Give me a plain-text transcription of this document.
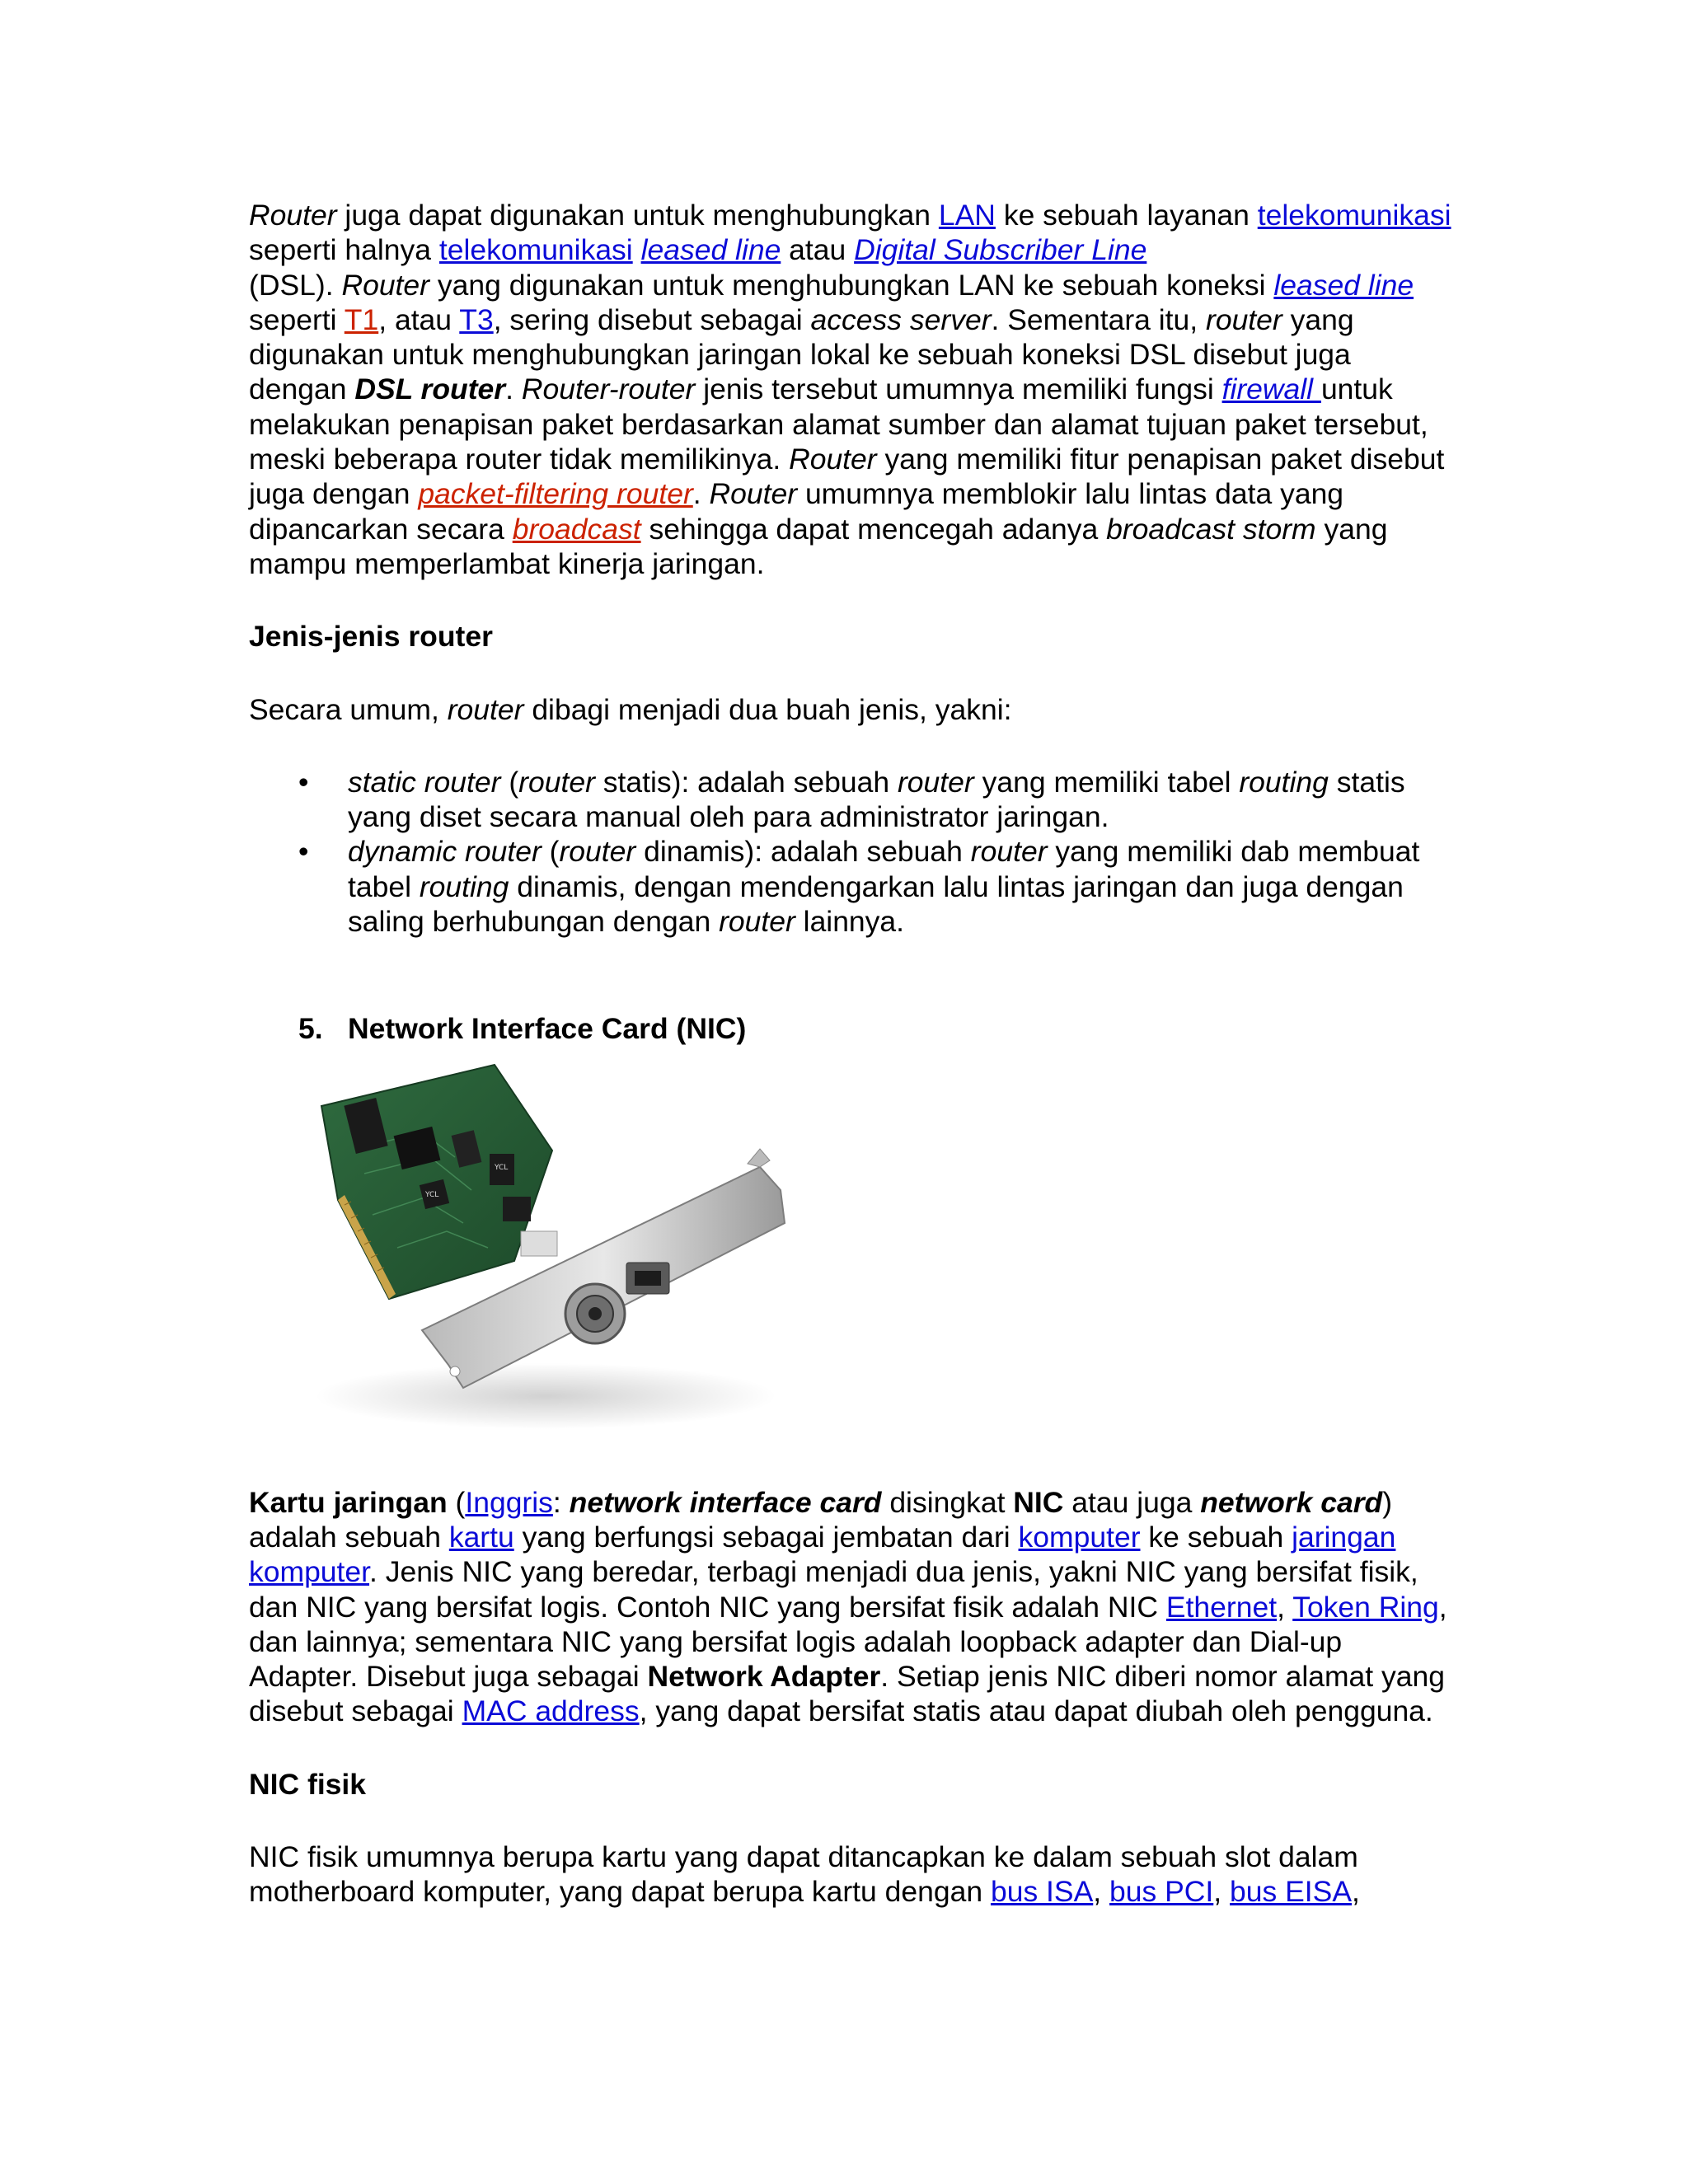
Router juga dapat digunakan untuk menghubungkan LAN ke sebuah layanan telekomunikasi seperti halnya telekomunikasi leased line atau Digital Subscriber Line
(DSL). Router yang digunakan untuk menghubungkan LAN ke sebuah koneksi leased line seperti T1, atau T3, sering disebut sebagai access server. Sementara itu, router yang digunakan untuk menghubungkan jaringan lokal ke sebuah koneksi DSL disebut juga dengan DSL router. Router-router jenis tersebut umumnya memiliki fungsi firewall untuk melakukan penapisan paket berdasarkan alamat sumber dan alamat tujuan paket tersebut, meski beberapa router tidak memilikinya. Router yang memiliki fitur penapisan paket disebut juga dengan packet-filtering router. Router umumnya memblokir lalu lintas data yang dipancarkan secara broadcast sehingga dapat mencegah adanya broadcast storm yang mampu memperlambat kinerja jaringan.

Jenis-jenis router

Secara umum, router dibagi menjadi dua buah jenis, yakni:

• static router (router statis): adalah sebuah router yang memiliki tabel routing statis yang diset secara manual oleh para administrator jaringan.
• dynamic router (router dinamis): adalah sebuah router yang memiliki dab membuat tabel routing dinamis, dengan mendengarkan lalu lintas jaringan dan juga dengan saling berhubungan dengan router lainnya.
5. Network Interface Card (NIC)
YCL
YCL

Kartu jaringan (Inggris: network interface card disingkat NIC atau juga network card) adalah sebuah kartu yang berfungsi sebagai jembatan dari komputer ke sebuah jaringan komputer. Jenis NIC yang beredar, terbagi menjadi dua jenis, yakni NIC yang bersifat fisik, dan NIC yang bersifat logis. Contoh NIC yang bersifat fisik adalah NIC Ethernet, Token Ring, dan lainnya; sementara NIC yang bersifat logis adalah loopback adapter dan Dial-up Adapter. Disebut juga sebagai Network Adapter. Setiap jenis NIC diberi nomor alamat yang disebut sebagai MAC address, yang dapat bersifat statis atau dapat diubah oleh pengguna.

NIC fisik

NIC fisik umumnya berupa kartu yang dapat ditancapkan ke dalam sebuah slot dalam motherboard komputer, yang dapat berupa kartu dengan bus ISA, bus PCI, bus EISA,
